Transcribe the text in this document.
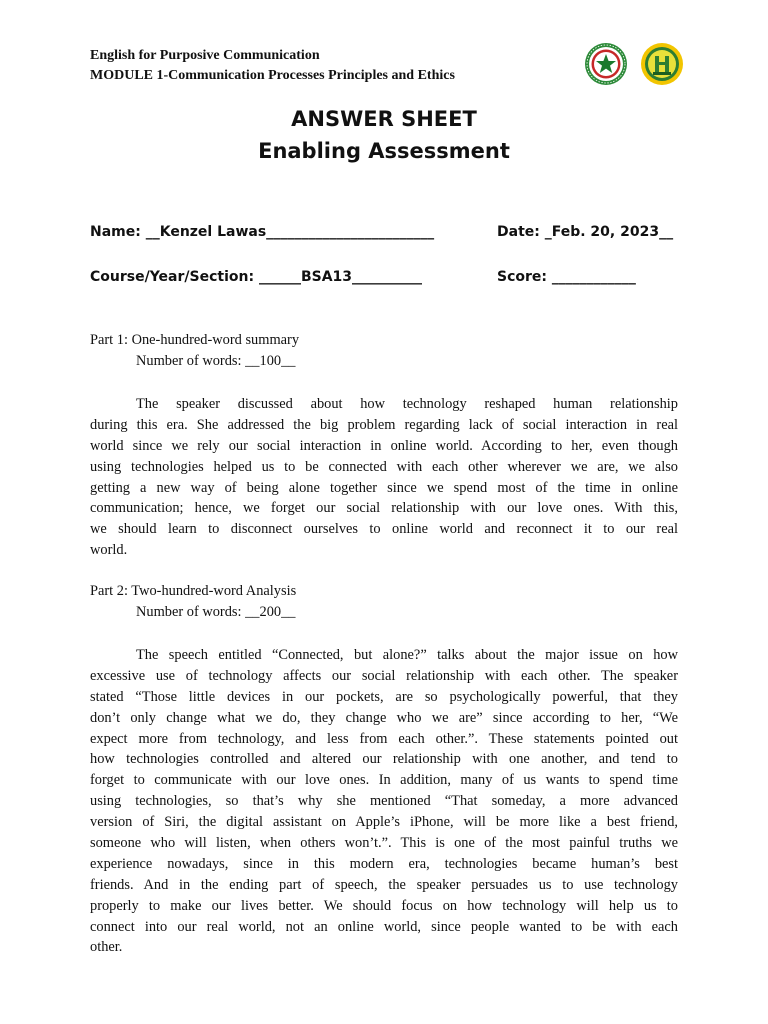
English for Purposive Communication
MODULE 1-Communication Processes Principles and Ethics
ANSWER SHEET
Enabling Assessment
Name: __Kenzel Lawas________________________	Date: _Feb. 20, 2023__
Course/Year/Section: ______BSA13__________	Score: ____________
Part 1: One-hundred-word summary
Number of words: __100__
The speaker discussed about how technology reshaped human relationship
during this era. She addressed the big problem regarding lack of social interaction in real
world since we rely our social interaction in online world. According to her, even though
using technologies helped us to be connected with each other wherever we are, we also
getting a new way of being alone together since we spend most of the time in online
communication; hence, we forget our social relationship with our love ones. With this,
we should learn to disconnect ourselves to online world and reconnect it to our real
world.
Part 2: Two-hundred-word Analysis
Number of words: __200__
The speech entitled “Connected, but alone?” talks about the major issue on how
excessive use of technology affects our social relationship with each other. The speaker
stated “Those little devices in our pockets, are so psychologically powerful, that they
don’t only change what we do, they change who we are” since according to her, “We
expect more from technology, and less from each other.”. These statements pointed out
how technologies controlled and altered our relationship with one another, and tend to
forget to communicate with our love ones. In addition, many of us wants to spend time
using technologies, so that’s why she mentioned “That someday, a more advanced
version of Siri, the digital assistant on Apple’s iPhone, will be more like a best friend,
someone who will listen, when others won’t.”. This is one of the most painful truths we
experience nowadays, since in this modern era, technologies became human’s best
friends. And in the ending part of speech, the speaker persuades us to use technology
properly to make our lives better. We should focus on how technology will help us to
connect into our real world, not an online world, since people wanted to be with each
other.
